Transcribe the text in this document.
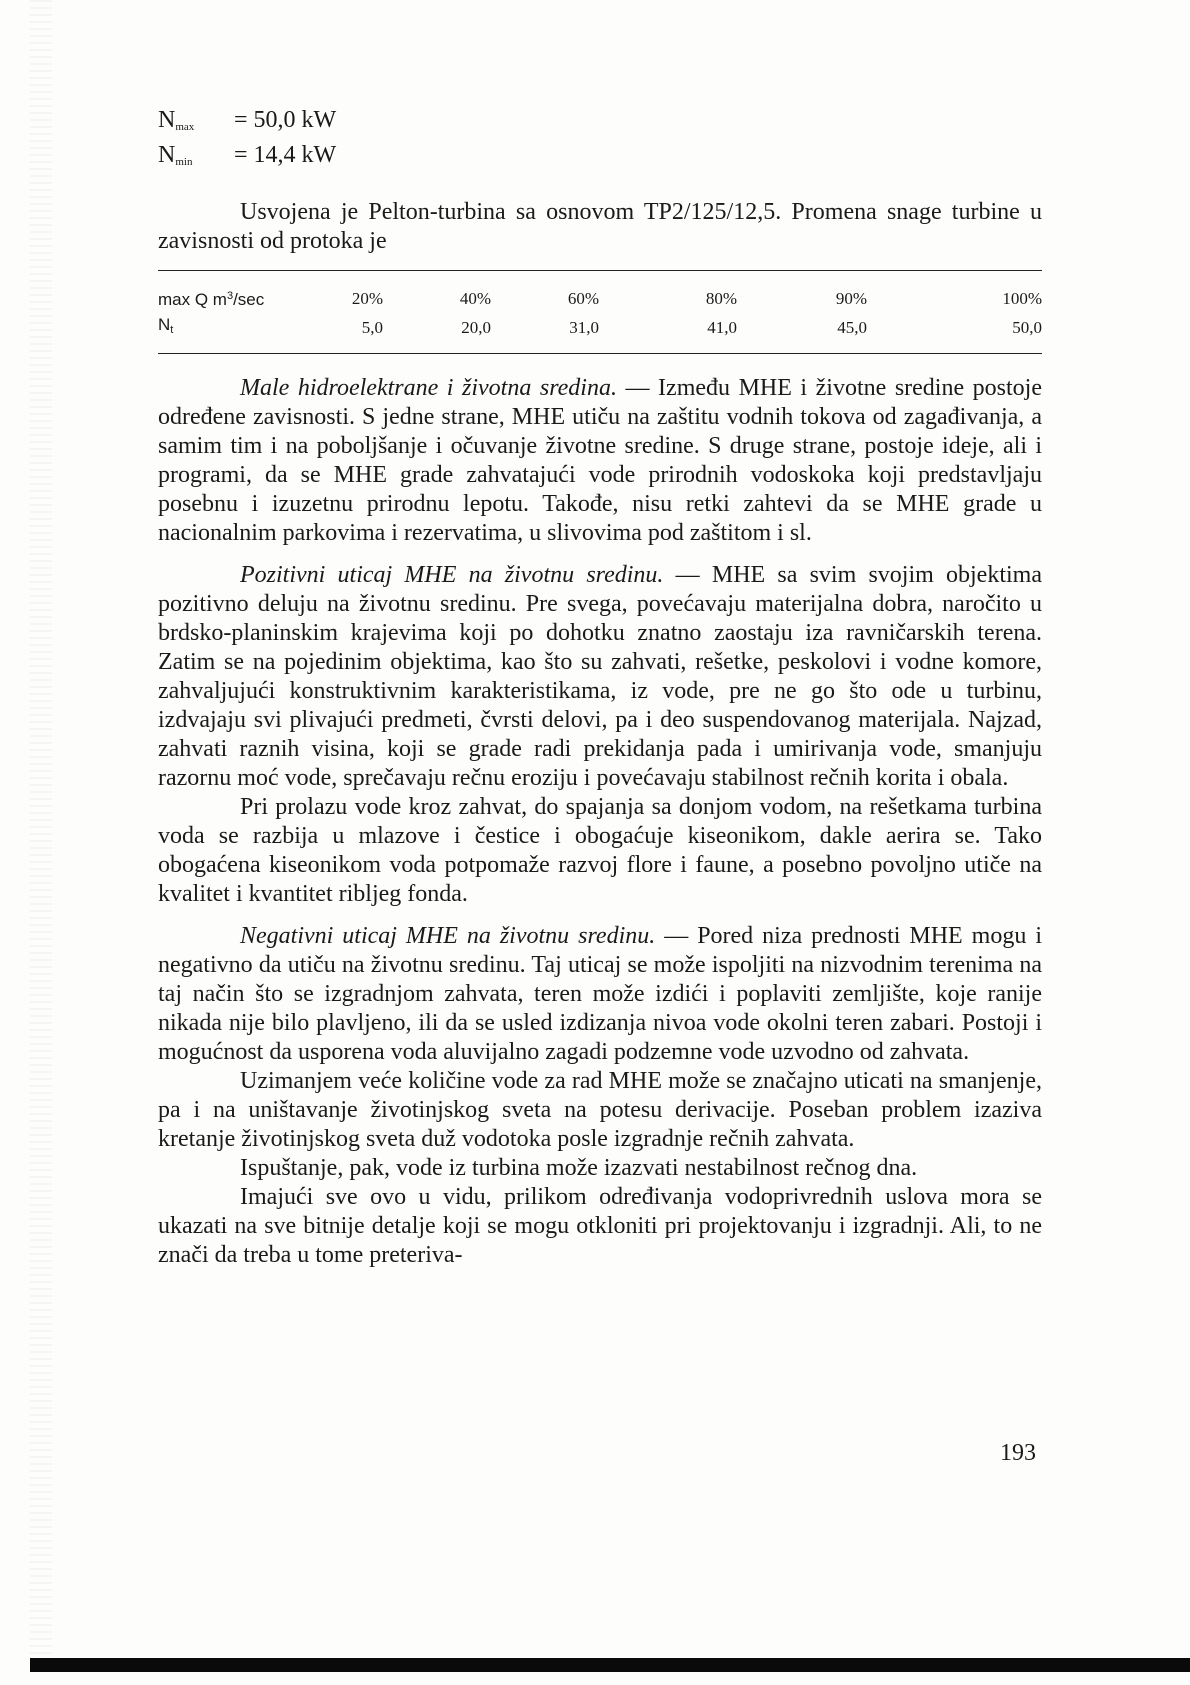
$N_{max} = 50,0$ kW

$N_{min} = 14,4$ kW

Usvojena je Pelton-turbina sa osnovom TP2/125/12,5. Promena snage turbine u zavisnosti od protoka je

max Q $m^3/\sec$	20%	40%	60%	80%	90%	100%
Nt	5,0	20,0	31,0	41,0	45,0	50,0

Male hidroelektrane i životna sredina. — Između MHE i životne sredine postoje određene zavisnosti. S jedne strane, MHE utiču na zaštitu vodnih tokova od zagađivanja, a samim tim i na poboljšanje i očuvanje životne sredine. S druge strane, postoje ideje, ali i programi, da se MHE grade zahvatajući vode prirodnih vodoskoka koji predstavljaju posebnu i izuzetnu prirodnu lepotu. Takođe, nisu retki zahtevi da se MHE grade u nacionalnim parkovima i rezervatima, u slivovima pod zaštitom i sl.

Pozitivni uticaj MHE na životnu sredinu. — MHE sa svim svojim objektima pozitivno deluju na životnu sredinu. Pre svega, povećavaju materijalna dobra, naročito u brdsko-planinskim krajevima koji po dohotku znatno zaostaju iza ravničarskih terena. Zatim se na pojedinim objektima, kao što su zahvati, rešetke, peskolovi i vodne komore, zahvaljujući konstruktivnim karakteristikama, iz vode, pre ne go što ode u turbinu, izdvajaju svi plivajući predmeti, čvrsti delovi, pa i deo suspendovanog materijala. Najzad, zahvati raznih visina, koji se grade radi prekidanja pada i umirivanja vode, smanjuju razornu moć vode, sprečavaju rečnu eroziju i povećavaju stabilnost rečnih korita i obala.

Pri prolazu vode kroz zahvat, do spajanja sa donjom vodom, na rešetkama turbina voda se razbija u mlazove i čestice i obogaćuje kiseonikom, dakle aerira se. Tako obogaćena kiseonikom voda potpomaže razvoj flore i faune, a posebno povoljno utiče na kvalitet i kvantitet ribljeg fonda.

Negativni uticaj MHE na životnu sredinu. — Pored niza prednosti MHE mogu i negativno da utiču na životnu sredinu. Taj uticaj se može ispoljiti na nizvodnim terenima na taj način što se izgradnjom zahvata, teren može izdići i poplaviti zemljište, koje ranije nikada nije bilo plavljeno, ili da se usled izdizanja nivoa vode okolni teren zabari. Postoji i mogućnost da usporena voda aluvijalno zagadi podzemne vode uzvodno od zahvata.

Uzimanjem veće količine vode za rad MHE može se značajno uticati na smanjenje, pa i na uništavanje životinjskog sveta na potesu derivacije. Poseban problem izaziva kretanje životinjskog sveta duž vodotoka posle izgradnje rečnih zahvata.

Ispuštanje, pak, vode iz turbina može izazvati nestabilnost rečnog dna.

Imajući sve ovo u vidu, prilikom određivanja vodoprivrednih uslova mora se ukazati na sve bitnije detalje koji se mogu otkloniti pri projektovanju i izgradnji. Ali, to ne znači da treba u tome preteriva-

193
